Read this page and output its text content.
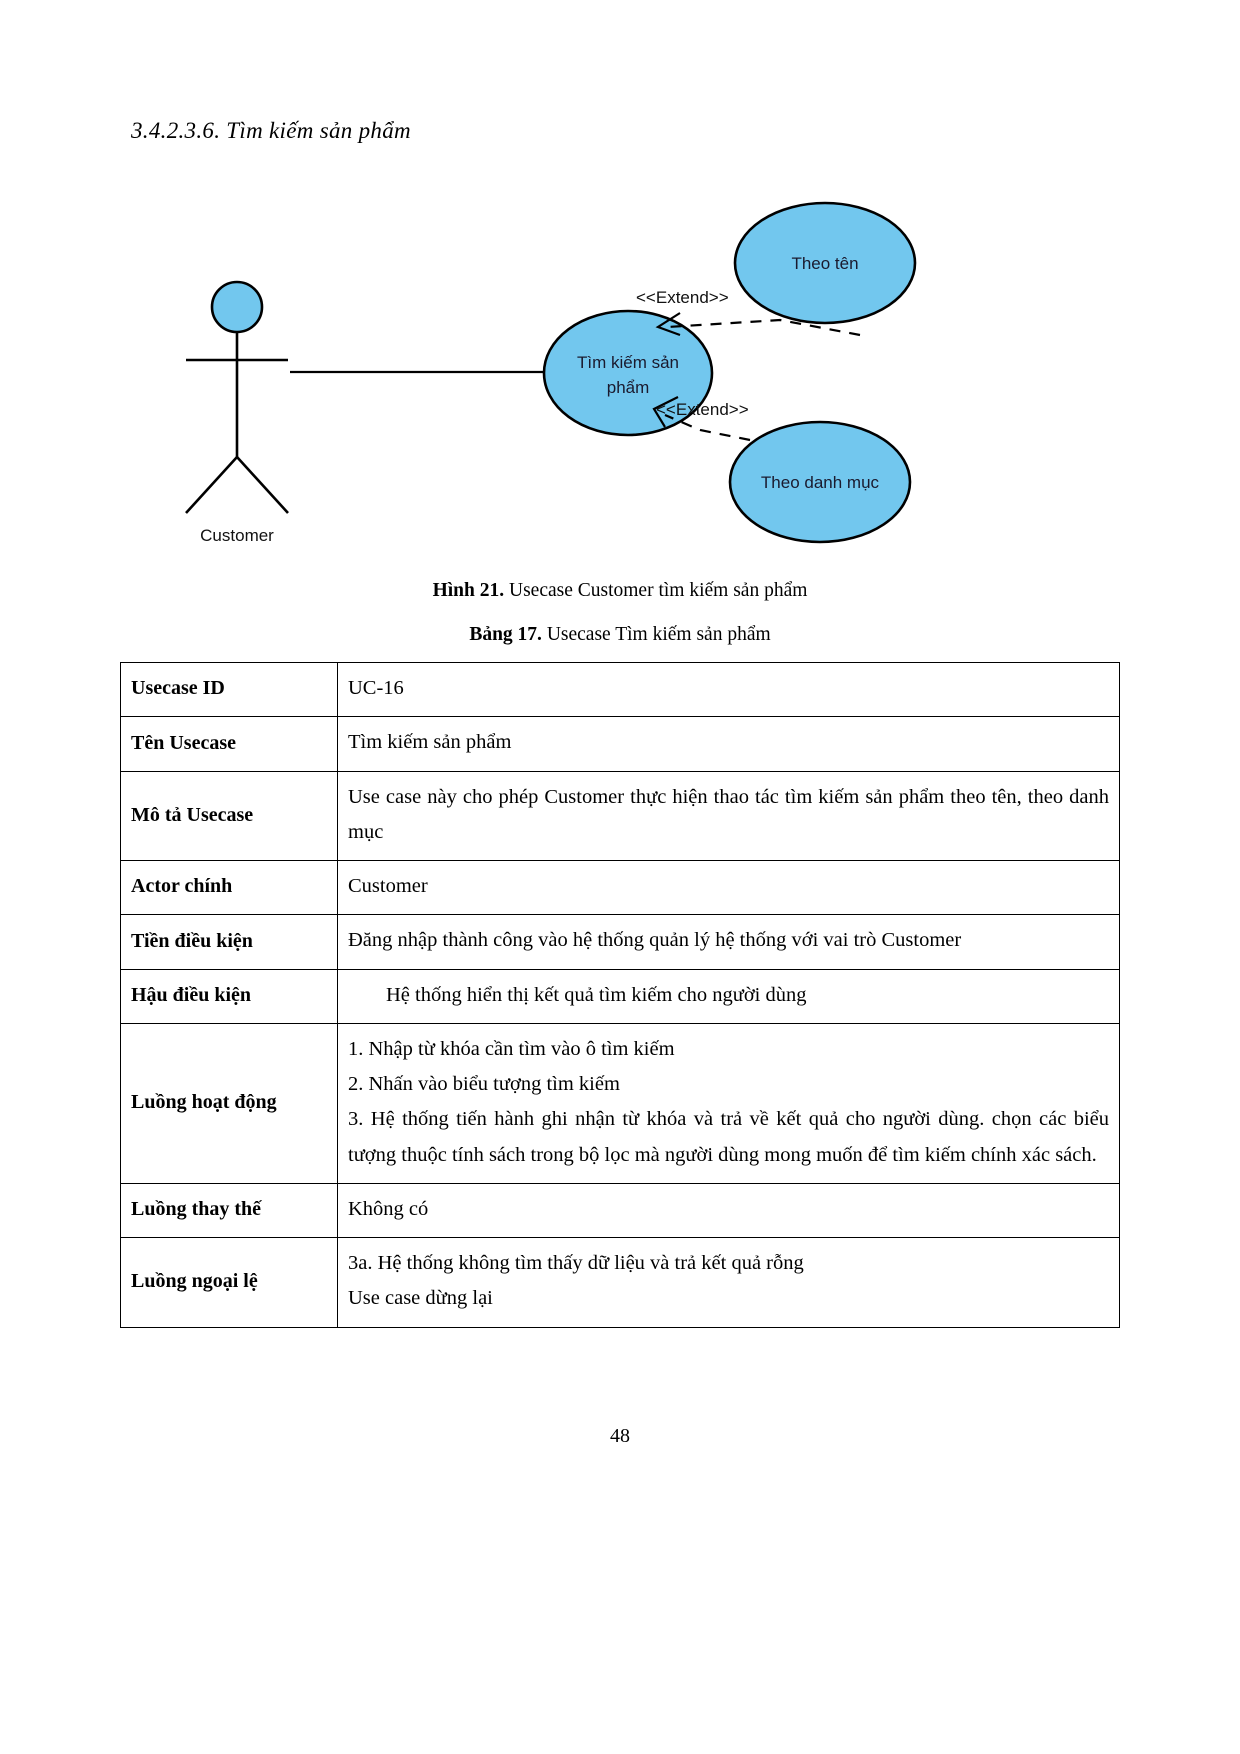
3.4.2.3.6. Tìm kiếm sản phẩm
Tìm kiếm sản
phẩm
<<Extend>>
Theo tên
<<Extend>>
Theo danh mục
Customer
Hình 21. Usecase Customer tìm kiếm sản phẩm
Bảng 17. Usecase Tìm kiếm sản phẩm
Usecase ID	UC-16

Tên Usecase	Tìm kiếm sản phẩm

Mô tả Usecase	Use case này cho phép Customer thực hiện thao tác tìm kiếm sản phẩm theo tên, theo danh mục

Actor chính	Customer

Tiền điều kiện	Đăng nhập thành công vào hệ thống quản lý hệ thống với vai trò Customer

Hậu điều kiện	Hệ thống hiển thị kết quả tìm kiếm cho người dùng

Luồng hoạt động	1. Nhập từ khóa cần tìm vào ô tìm kiếm

2. Nhấn vào biểu tượng tìm kiếm

3. Hệ thống tiến hành ghi nhận từ khóa và trả về kết quả cho người dùng. chọn các biểu tượng thuộc tính sách trong bộ lọc mà người dùng mong muốn để tìm kiếm chính xác sách.

Luồng thay thế	Không có

Luồng ngoại lệ	3a. Hệ thống không tìm thấy dữ liệu và trả kết quả rỗng

Use case dừng lại

48
